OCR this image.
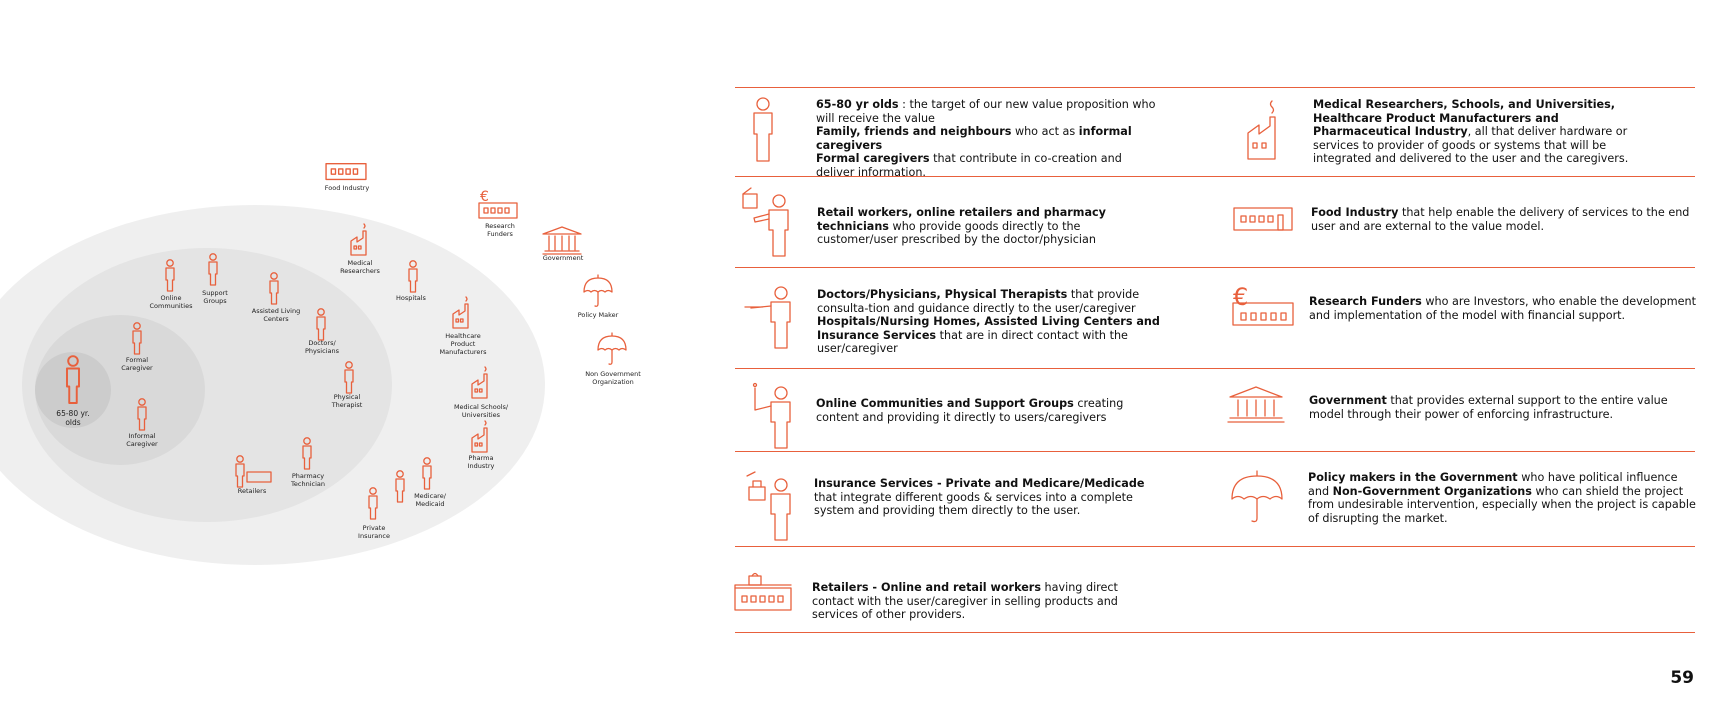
€
65-80 yr. olds
Formal Caregiver
Informal Caregiver
Online Communities
Support Groups
Assisted Living Centers
Doctors/ Physicians
Physical Therapist
Pharmacy Technician
Retailers
Private Insurance
Medicare/ Medicaid
Medical Researchers
Hospitals
Healthcare Product Manufacturers
Medical Schools/ Universities
Pharma Industry
Food Industry
Research Funders
Government
Policy Maker
Non Government Organization
€
65-80 yr olds : the target of our new value proposition who will receive the value
Family, friends and neighbours who act as informal caregivers
Formal caregivers that contribute in co-creation and deliver information.
Retail workers, online retailers and pharmacy technicians who provide goods directly to the customer/user prescribed by the doctor/physician
Doctors/Physicians, Physical Therapists that provide consulta-tion and guidance directly to the user/caregiver
Hospitals/Nursing Homes, Assisted Living Centers and Insurance Services that are in direct contact with the user/caregiver
Online Communities and Support Groups creating content and providing it directly to users/caregivers
Insurance Services - Private and Medicare/Medicade that integrate different goods & services into a complete system and providing them directly to the user.
Retailers - Online and retail workers having direct contact with the user/caregiver in selling products and services of other providers.
Medical Researchers, Schools, and Universities, Healthcare Product Manufacturers and Pharmaceutical Industry, all that deliver hardware or services to provider of goods or systems that will be integrated and delivered to the user and the caregivers.
Food Industry that help enable the delivery of services to the end user and are external to the value model.
Research Funders who are Investors, who enable the development and implementation of the model with financial support.
Government that provides external support to the entire value model through their power of enforcing infrastructure.
Policy makers in the Government who have political influence and Non-Government Organizations who can shield the project from undesirable intervention, especially when the project is capable of disrupting the market.
59
